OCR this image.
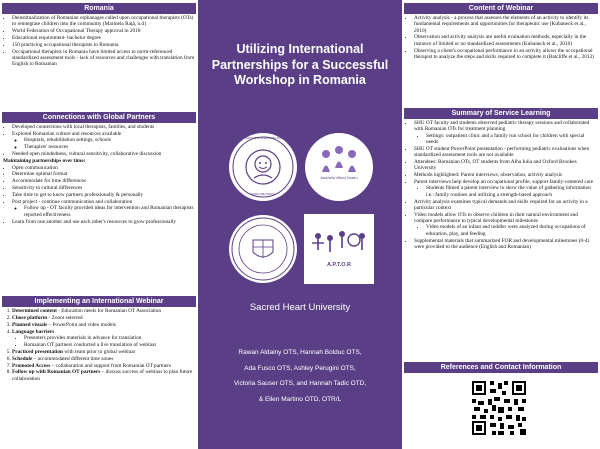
Romania
• Deinstitualization of Romanian orphanages called upon occupational therapists (OTs) to reintegrate children into the community (Marinela Raţă, n.d)
• World Federation of Occupational Therapy approval in 2018
• Educational requirement- bachelor degree
• 150 practicing occupational therapists in Romania
• Occupational therapists in Romania have limited access to norm-referenced standardized assessment tools - lack of resources and challenges with translation from English to Romanian
Connections with Global Partners
• Developed connections with local therapists, families, and students
• Explored Romanian culture and resources available
◦ Hospitals, rehabilitation settings, schools
◦ Therapists' resources
• Needed open mindedness, cultural sensitivity, collaborative discussion
Maintaining partnerships over time:
• Open communication
• Determine optimal format
• Accommodate for time differences
• Sensitivity to cultural differences
• Take time to get to know partners professionally & personally
• Post project - continue communication and collaboration
◦ Follow up - OT faculty provided ideas for intervention and Romanian therapists reported effectiveness
• Learn from one another and use each other's resources to grow professionally
Implementing an International Webinar
1. Determined content - Education needs for Romanian OT Association
2. Chose platform - Zoom selected
3. Planned visuals – PowerPoint and video models
4. Language barriers
• Presenters provides materials in advance for translation
• Romanian OT partners conducted a live translation of webinar
5. Practiced presentation with team prior to global webinar
6. Schedule – accommodated different time zones
7. Promoted Access – collaboration and support from Romanian OT partners
8. Follow up with Romanian OT partners – discuss success of webinar to plan future collaboration
Utilizing International Partnerships for a Successful Workshop in Romania
ASOCIATIA SPERANTA NOI
MARIA BEATRICE
Asociatia Viitorul Nostru
A.P.T.O.R
Sacred Heart University
Rawan Aldainy OTS, Hannah Bolduc OTS,
Ada Fusco OTS, Ashley Perugini OTS,
Victoria Sauser OTS, and Hannah Tadic OTD,
& Ellen Martino OTD, OTR/L
Content of Webinar
• Activity analysis - a process that assesses the elements of an activity to identify its fundamental requirements and opportunities for therapeutic use (Kubaneck et al., 2010)
• Observation and activity analysis are useful evaluation methods, especially in the instance of limited or no standardized assessments (Kubaneck et al., 2010)
• Observing a client's occupational performance in an activity allows the occupational therapist to analyze the steps and skills required to complete it (Ratcliffe et al., 2013)
Summary of Service Learning
• SHU OT faculty and students observed pediatric therapy sessions and collaborated with Romanian OTs for treatment planning
• Settings: outpatient clinic and a family run school for children with special needs
• SHU OT student PowerPoint presentation - performing pediatric evaluations when standardized assessment tools are not available
• Attendees: Romanian OTs, OT students from Alba Iulia and Oxford Brookes University
• Methods highlighted: Parent interviews, observation, activity analysis
• Parent interviews help develop an occupational profile, support family-centered care
• Students filmed a parent interview to show the value of gathering information i.e.: family routines and utilizing a strength-based approach
• Activity analysis examines typical demands and skills required for an activity in a particular context
• Video models allow OTs to observe children in their natural environment and compare performance to typical developmental milestones
• Video models of an infant and toddler were analyzed during occupations of education, play, and feeding
• Supplemental materials that summarized FOR and developmental milestones (0-4) were provided to the audience (English and Romanian)
References and Contact Information
